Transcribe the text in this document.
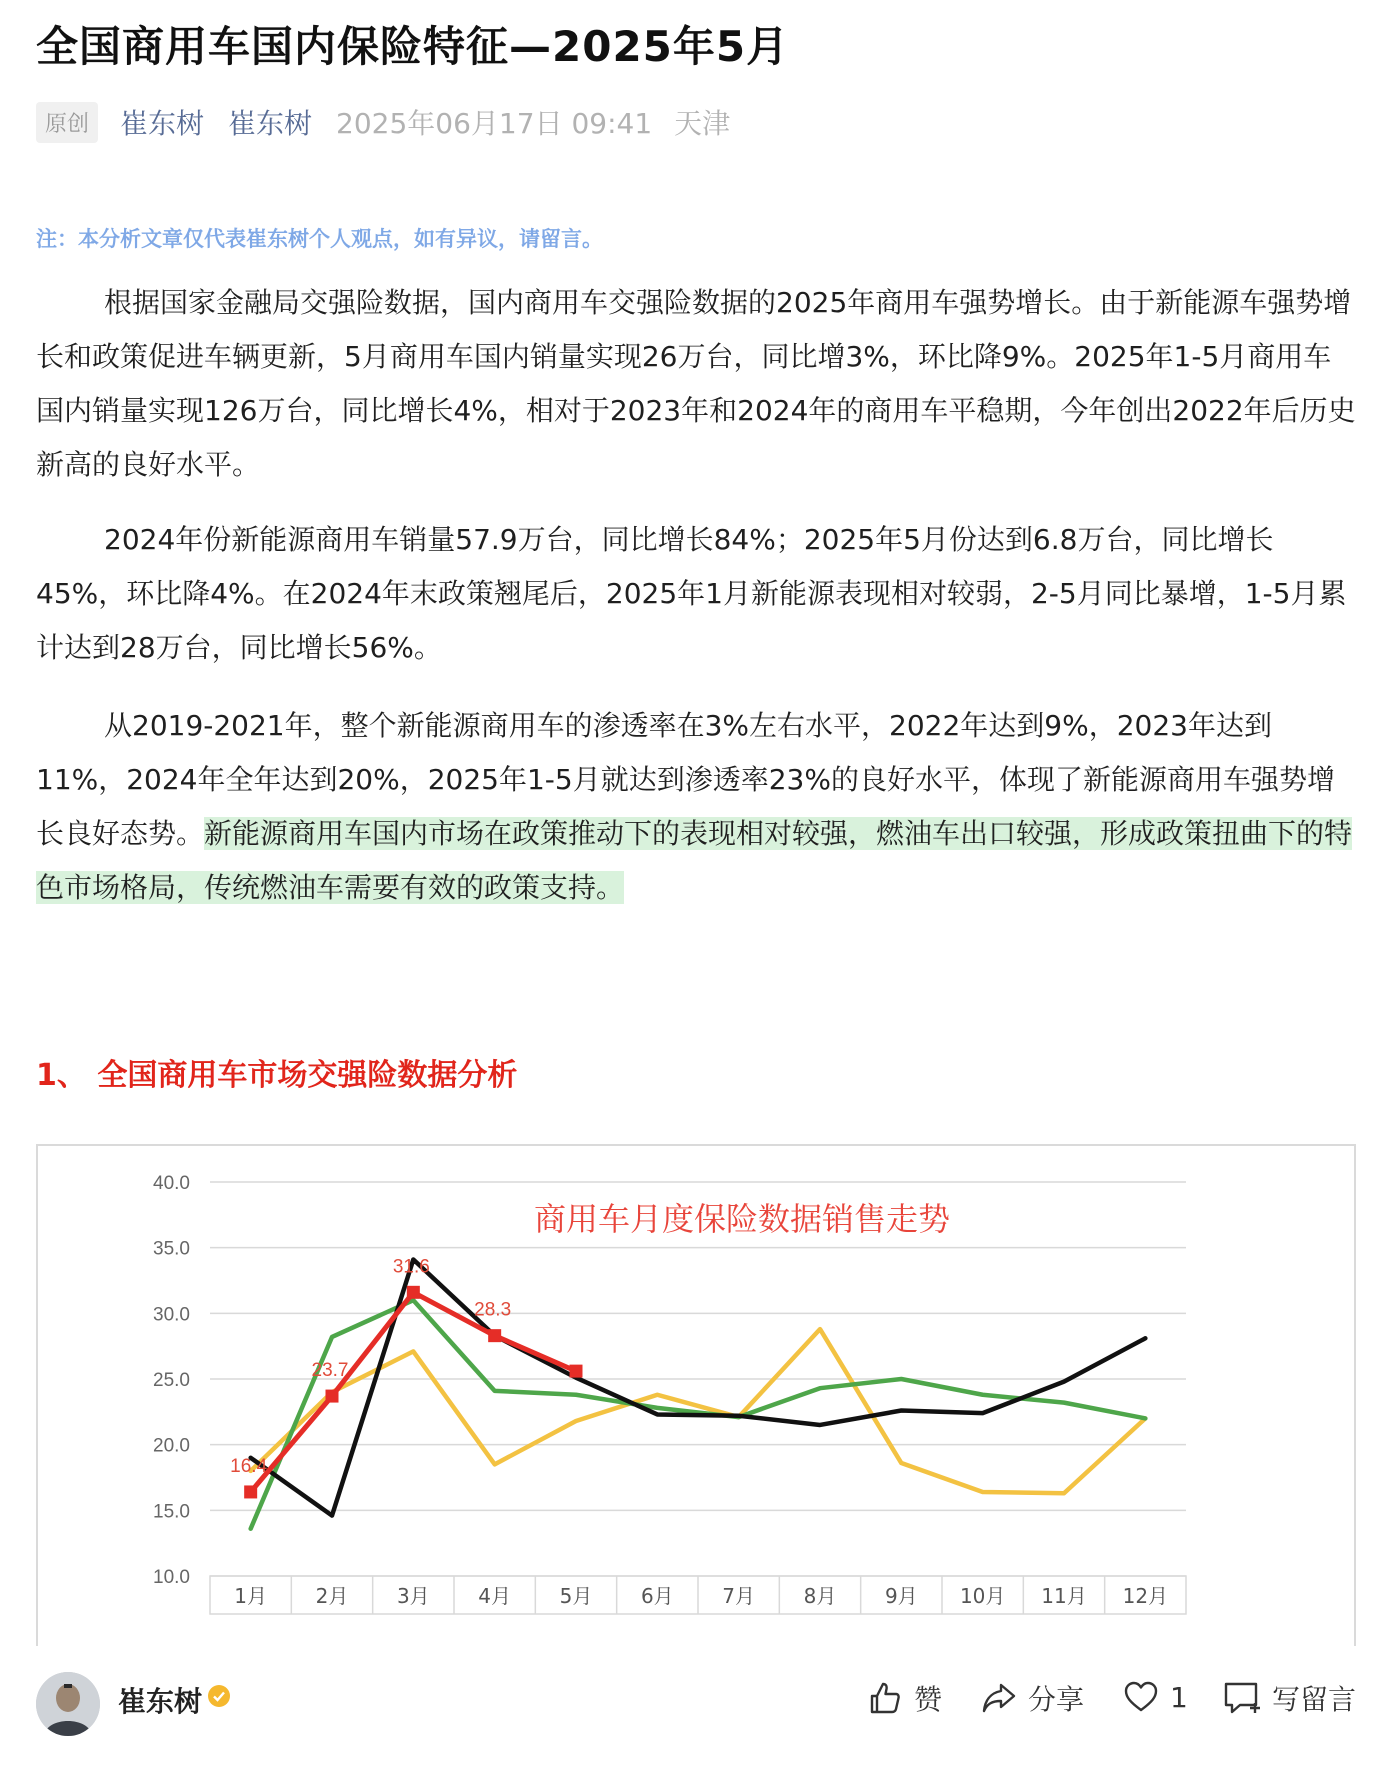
全国商用车国内保险特征—2025年5月
原创	崔东树 崔东树 2025年06月17日 09:41 天津
注：本分析文章仅代表崔东树个人观点，如有异议，请留言。
根据国家金融局交强险数据，国内商用车交强险数据的2025年商用车强势增长。由于新能源车强势增长和政策促进车辆更新，5月商用车国内销量实现26万台，同比增3%，环比降9%。2025年1-5月商用车国内销量实现126万台，同比增长4%，相对于2023年和2024年的商用车平稳期，今年创出2022年后历史新高的良好水平。
2024年份新能源商用车销量57.9万台，同比增长84%；2025年5月份达到6.8万台，同比增长45%，环比降4%。在2024年末政策翘尾后，2025年1月新能源表现相对较弱，2-5月同比暴增，1-5月累计达到28万台，同比增长56%。
从2019-2021年，整个新能源商用车的渗透率在3%左右水平，2022年达到9%，2023年达到11%，2024年全年达到20%，2025年1-5月就达到渗透率23%的良好水平，体现了新能源商用车强势增长良好态势。新能源商用车国内市场在政策推动下的表现相对较强，燃油车出口较强，形成政策扭曲下的特色市场格局，传统燃油车需要有效的政策支持。
1、 全国商用车市场交强险数据分析
10.0
15.0
20.0
25.0
30.0
35.0
40.0
1月 2月 3月 4月 5月 6月 7月 8月 9月 10月 11月 12月
商用车月度保险数据销售走势
16.4
23.7
31.6
28.3
崔东树	赞	分享	1	写留言
